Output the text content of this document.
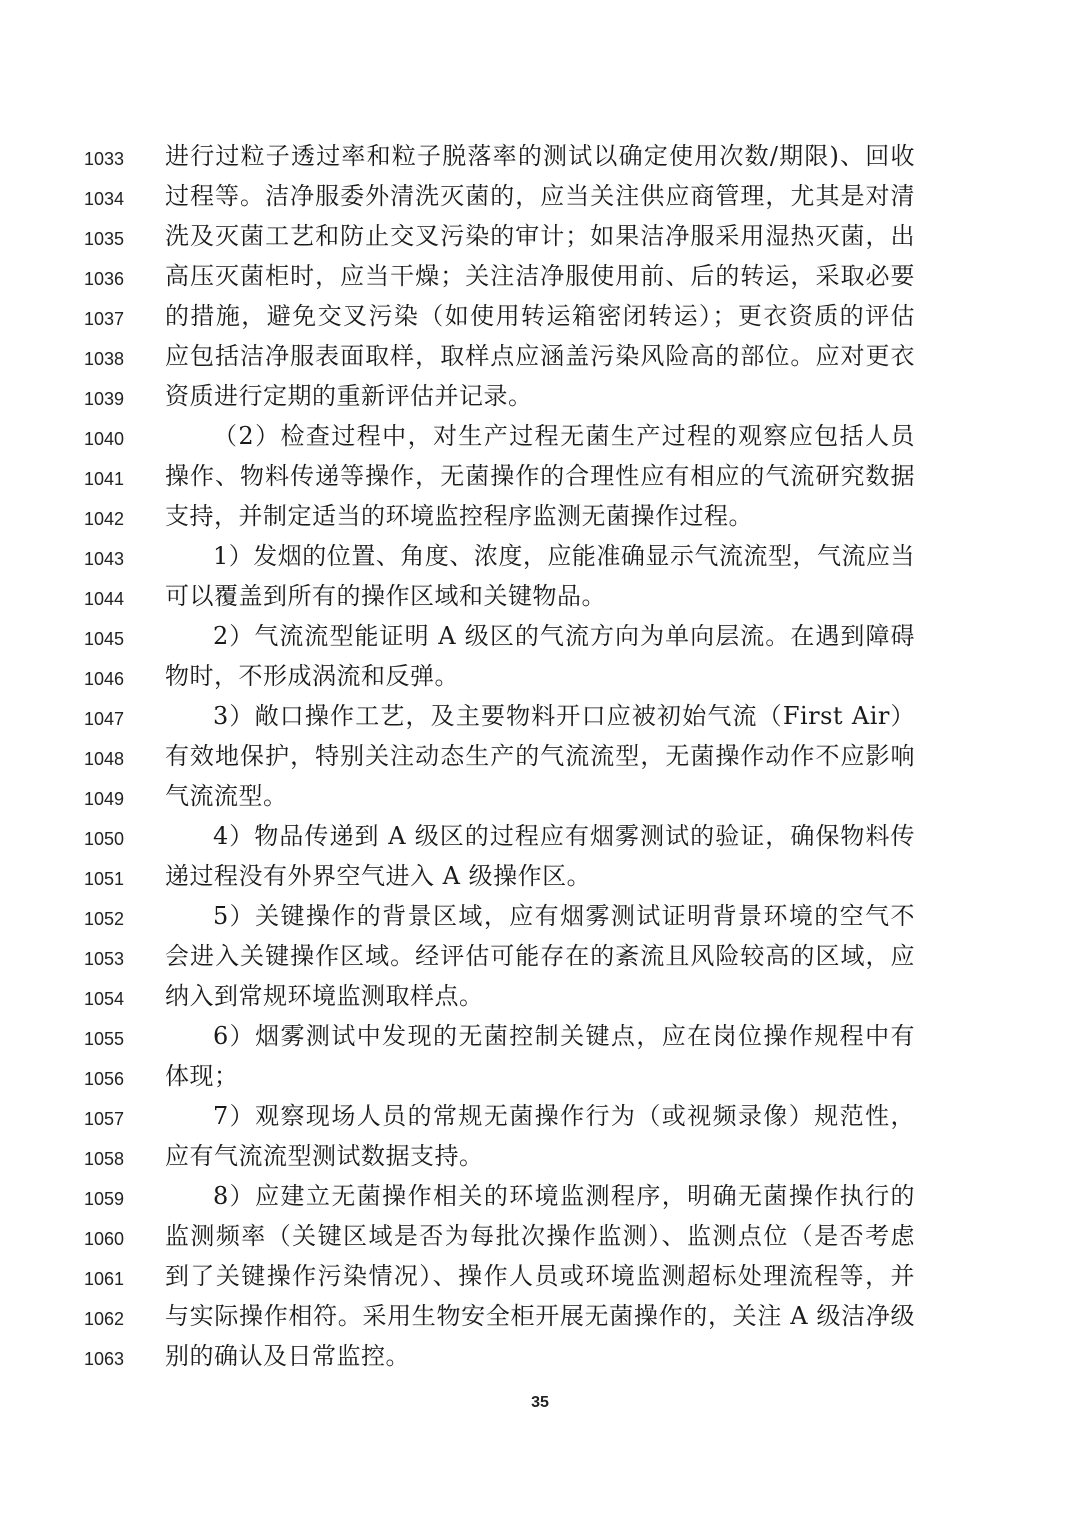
1033	进行过粒子透过率和粒子脱落率的测试以确定使用次数/期限)、回收
1034	过程等。洁净服委外清洗灭菌的，应当关注供应商管理，尤其是对清
1035	洗及灭菌工艺和防止交叉污染的审计；如果洁净服采用湿热灭菌，出
1036	高压灭菌柜时，应当干燥；关注洁净服使用前、后的转运，采取必要
1037	的措施，避免交叉污染（如使用转运箱密闭转运）；更衣资质的评估
1038	应包括洁净服表面取样，取样点应涵盖污染风险高的部位。应对更衣
1039	资质进行定期的重新评估并记录。
1040	（2）检查过程中，对生产过程无菌生产过程的观察应包括人员
1041	操作、物料传递等操作，无菌操作的合理性应有相应的气流研究数据
1042	支持，并制定适当的环境监控程序监测无菌操作过程。
1043	1）发烟的位置、角度、浓度，应能准确显示气流流型，气流应当
1044	可以覆盖到所有的操作区域和关键物品。
1045	2）气流流型能证明 A 级区的气流方向为单向层流。在遇到障碍
1046	物时，不形成涡流和反弹。
1047	3）敞口操作工艺，及主要物料开口应被初始气流（First Air）
1048	有效地保护，特别关注动态生产的气流流型，无菌操作动作不应影响
1049	气流流型。
1050	4）物品传递到 A 级区的过程应有烟雾测试的验证，确保物料传
1051	递过程没有外界空气进入 A 级操作区。
1052	5）关键操作的背景区域，应有烟雾测试证明背景环境的空气不
1053	会进入关键操作区域。经评估可能存在的紊流且风险较高的区域，应
1054	纳入到常规环境监测取样点。
1055	6）烟雾测试中发现的无菌控制关键点，应在岗位操作规程中有
1056	体现；
1057	7）观察现场人员的常规无菌操作行为（或视频录像）规范性，
1058	应有气流流型测试数据支持。
1059	8）应建立无菌操作相关的环境监测程序，明确无菌操作执行的
1060	监测频率（关键区域是否为每批次操作监测）、监测点位（是否考虑
1061	到了关键操作污染情况）、操作人员或环境监测超标处理流程等，并
1062	与实际操作相符。采用生物安全柜开展无菌操作的，关注 A 级洁净级
1063	别的确认及日常监控。
35
